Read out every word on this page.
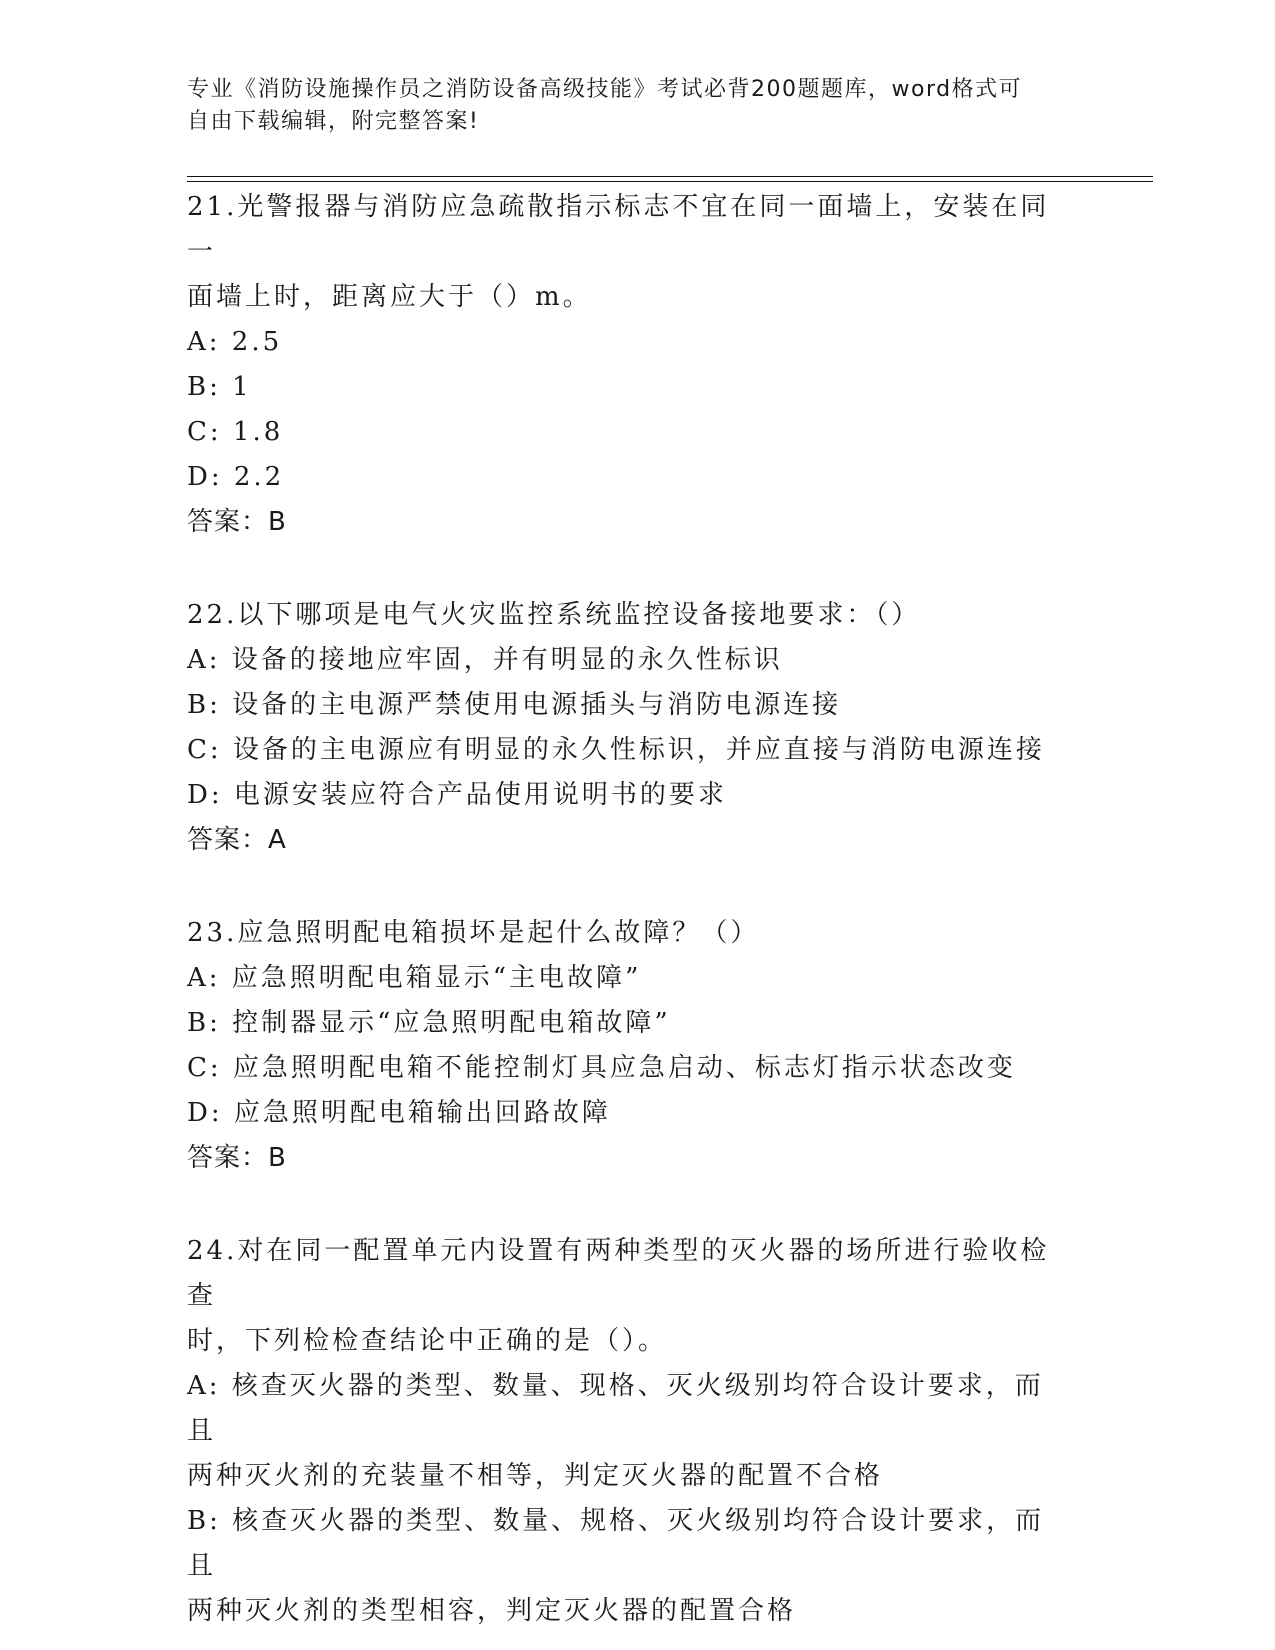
专业《消防设施操作员之消防设备高级技能》考试必背200题题库，word格式可
自由下载编辑，附完整答案!

21.光警报器与消防应急疏散指示标志不宜在同一面墙上，安装在同一

面墙上时，距离应大于（）m。

A: 2.5

B: 1

C: 1.8

D: 2.2

答案：B

22.以下哪项是电气火灾监控系统监控设备接地要求：（）

A: 设备的接地应牢固，并有明显的永久性标识

B: 设备的主电源严禁使用电源插头与消防电源连接

C: 设备的主电源应有明显的永久性标识，并应直接与消防电源连接

D: 电源安装应符合产品使用说明书的要求

答案：A

23.应急照明配电箱损坏是起什么故障？（）

A: 应急照明配电箱显示“主电故障”

B: 控制器显示“应急照明配电箱故障”

C: 应急照明配电箱不能控制灯具应急启动、标志灯指示状态改变

D: 应急照明配电箱输出回路故障

答案：B

24.对在同一配置单元内设置有两种类型的灭火器的场所进行验收检查

时，下列检检查结论中正确的是（）。

A: 核查灭火器的类型、数量、现格、灭火级别均符合设计要求，而且

两种灭火剂的充装量不相等，判定灭火器的配置不合格

B: 核查灭火器的类型、数量、规格、灭火级别均符合设计要求，而且

两种灭火剂的类型相容，判定灭火器的配置合格
